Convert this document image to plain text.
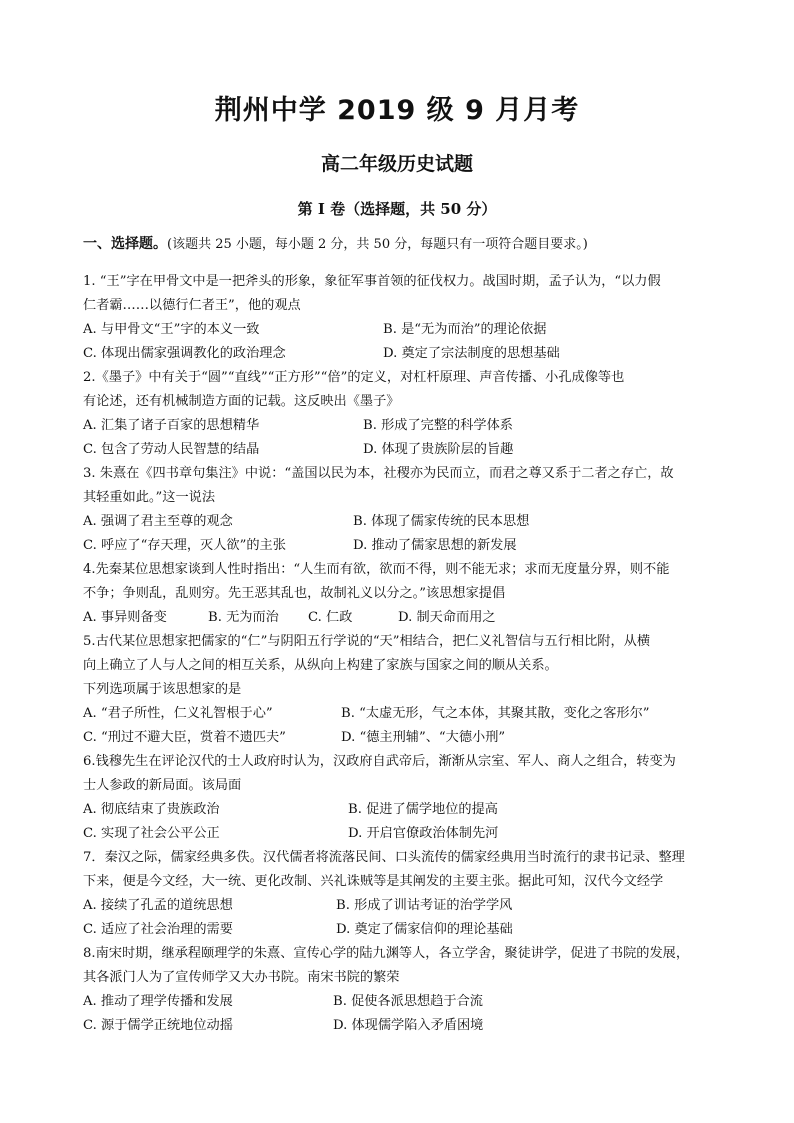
荆州中学 2019 级 9 月月考
高二年级历史试题
第 I 卷（选择题，共 50 分）
一、选择题。(该题共 25 小题，每小题 2 分，共 50 分，每题只有一项符合题目要求。)
1. “王”字在甲骨文中是一把斧头的形象，象征军事首领的征伐权力。战国时期，孟子认为，“以力假
仁者霸……以德行仁者王”，他的观点
A. 与甲骨文“王”字的本义一致	B. 是“无为而治”的理论依据
C. 体现出儒家强调教化的政治理念	D. 奠定了宗法制度的思想基础
2.《墨子》中有关于“圆”“直线”“正方形”“倍”的定义，对杠杆原理、声音传播、小孔成像等也
有论述，还有机械制造方面的记载。这反映出《墨子》
A. 汇集了诸子百家的思想精华	B. 形成了完整的科学体系
C. 包含了劳动人民智慧的结晶	D. 体现了贵族阶层的旨趣
3. 朱熹在《四书章句集注》中说：“盖国以民为本，社稷亦为民而立，而君之尊又系于二者之存亡，故
其轻重如此。”这一说法
A. 强调了君主至尊的观念	B. 体现了儒家传统的民本思想
C. 呼应了“存天理，灭人欲”的主张	D. 推动了儒家思想的新发展
4.先秦某位思想家谈到人性时指出：“人生而有欲，欲而不得，则不能无求；求而无度量分界，则不能
不争；争则乱，乱则穷。先王恶其乱也，故制礼义以分之。”该思想家提倡
A. 事异则备变	B. 无为而治 C. 仁政	D. 制天命而用之
5.古代某位思想家把儒家的“仁”与阴阳五行学说的“天”相结合，把仁义礼智信与五行相比附，从横
向上确立了人与人之间的相互关系，从纵向上构建了家族与国家之间的顺从关系。
下列选项属于该思想家的是
A. “君子所性，仁义礼智根于心”	B. “太虚无形，气之本体，其聚其散，变化之客形尔”
C. “刑过不避大臣，赏着不遗匹夫”	D. “德主刑辅”、“大德小刑”
6.钱穆先生在评论汉代的士人政府时认为，汉政府自武帝后，渐渐从宗室、军人、商人之组合，转变为
士人参政的新局面。该局面
A. 彻底结束了贵族政治	B. 促进了儒学地位的提高
C. 实现了社会公平公正	D. 开启官僚政治体制先河
7．秦汉之际，儒家经典多佚。汉代儒者将流落民间、口头流传的儒家经典用当时流行的隶书记录、整理
下来，便是今文经，大一统、更化改制、兴礼诛贼等是其阐发的主要主张。据此可知，汉代今文经学
A. 接续了孔孟的道统思想	B. 形成了训诂考证的治学学风
C. 适应了社会治理的需要	D. 奠定了儒家信仰的理论基础
8.南宋时期，继承程颐理学的朱熹、宣传心学的陆九渊等人，各立学舍，聚徒讲学，促进了书院的发展，
其各派门人为了宣传师学又大办书院。南宋书院的繁荣
A. 推动了理学传播和发展	B. 促使各派思想趋于合流
C. 源于儒学正统地位动摇	D. 体现儒学陷入矛盾困境
